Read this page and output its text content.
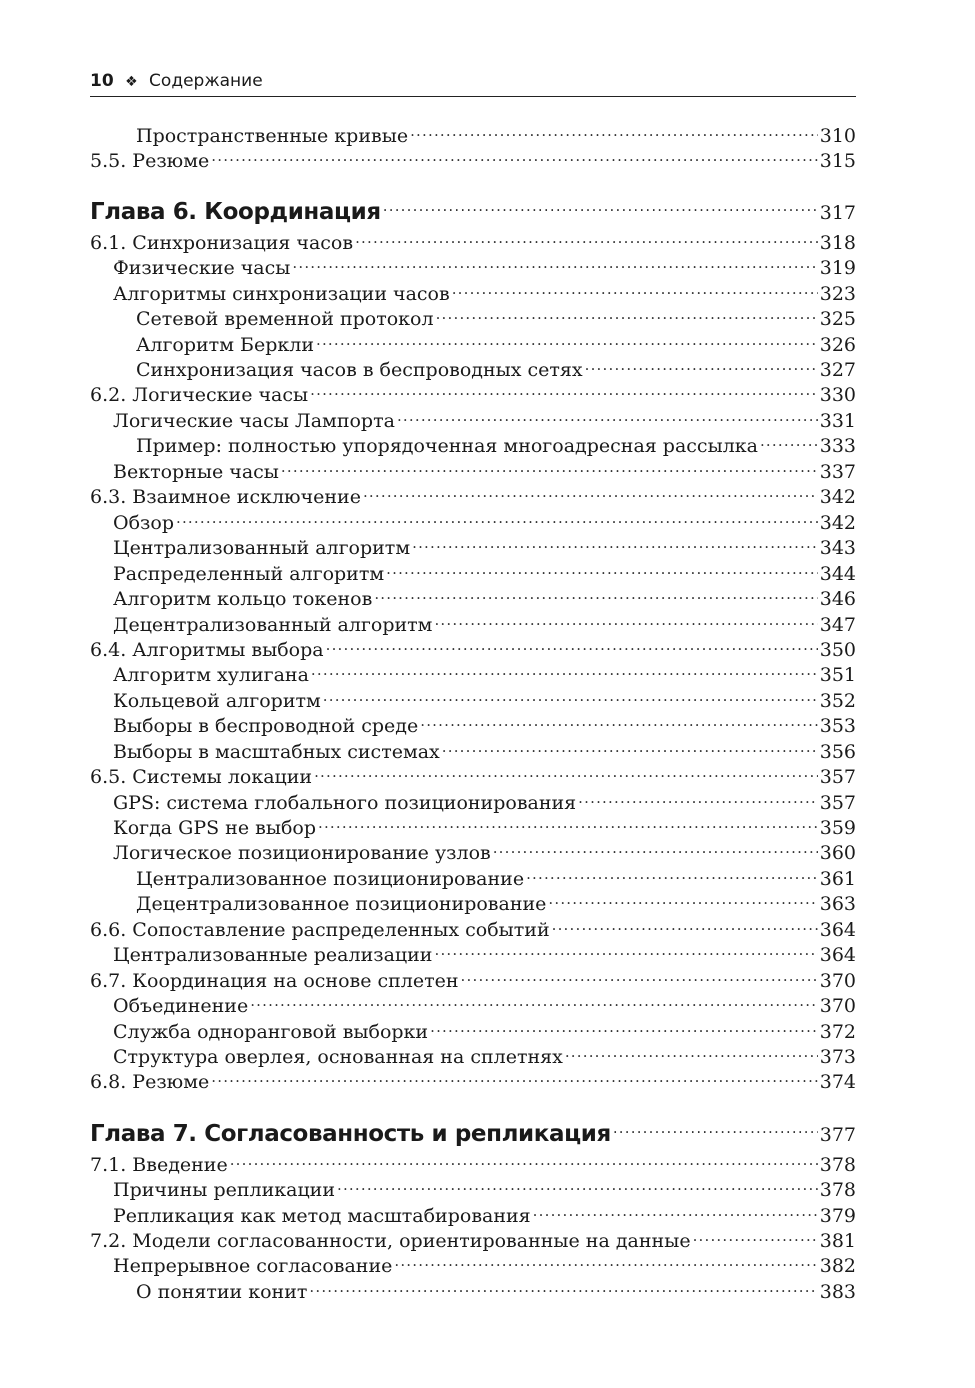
10 ❖ Содержание
Пространственные кривые .....	310
5.5. Резюме .....	315
Глава 6. Координация .....	317
6.1. Синхронизация часов .....	318
Физические часы .....	319
Алгоритмы синхронизации часов .....	323
Сетевой временной протокол .....	325
Алгоритм Беркли .....	326
Синхронизация часов в беспроводных сетях .....	327
6.2. Логические часы .....	330
Логические часы Лампорта .....	331
Пример: полностью упорядоченная многоадресная рассылка .....	333
Векторные часы .....	337
6.3. Взаимное исключение .....	342
Обзор .....	342
Централизованный алгоритм .....	343
Распределенный алгоритм .....	344
Алгоритм кольцо токенов .....	346
Децентрализованный алгоритм .....	347
6.4. Алгоритмы выбора .....	350
Алгоритм хулигана .....	351
Кольцевой алгоритм .....	352
Выборы в беспроводной среде .....	353
Выборы в масштабных системах .....	356
6.5. Системы локации .....	357
GPS: система глобального позиционирования .....	357
Когда GPS не выбор .....	359
Логическое позиционирование узлов .....	360
Централизованное позиционирование .....	361
Децентрализованное позиционирование .....	363
6.6. Сопоставление распределенных событий .....	364
Централизованные реализации .....	364
6.7. Координация на основе сплетен .....	370
Объединение .....	370
Служба одноранговой выборки .....	372
Структура оверлея, основанная на сплетнях .....	373
6.8. Резюме .....	374
Глава 7. Согласованность и репликация .....	377
7.1. Введение .....	378
Причины репликации .....	378
Репликация как метод масштабирования .....	379
7.2. Модели согласованности, ориентированные на данные .....	381
Непрерывное согласование .....	382
О понятии конит .....	383
